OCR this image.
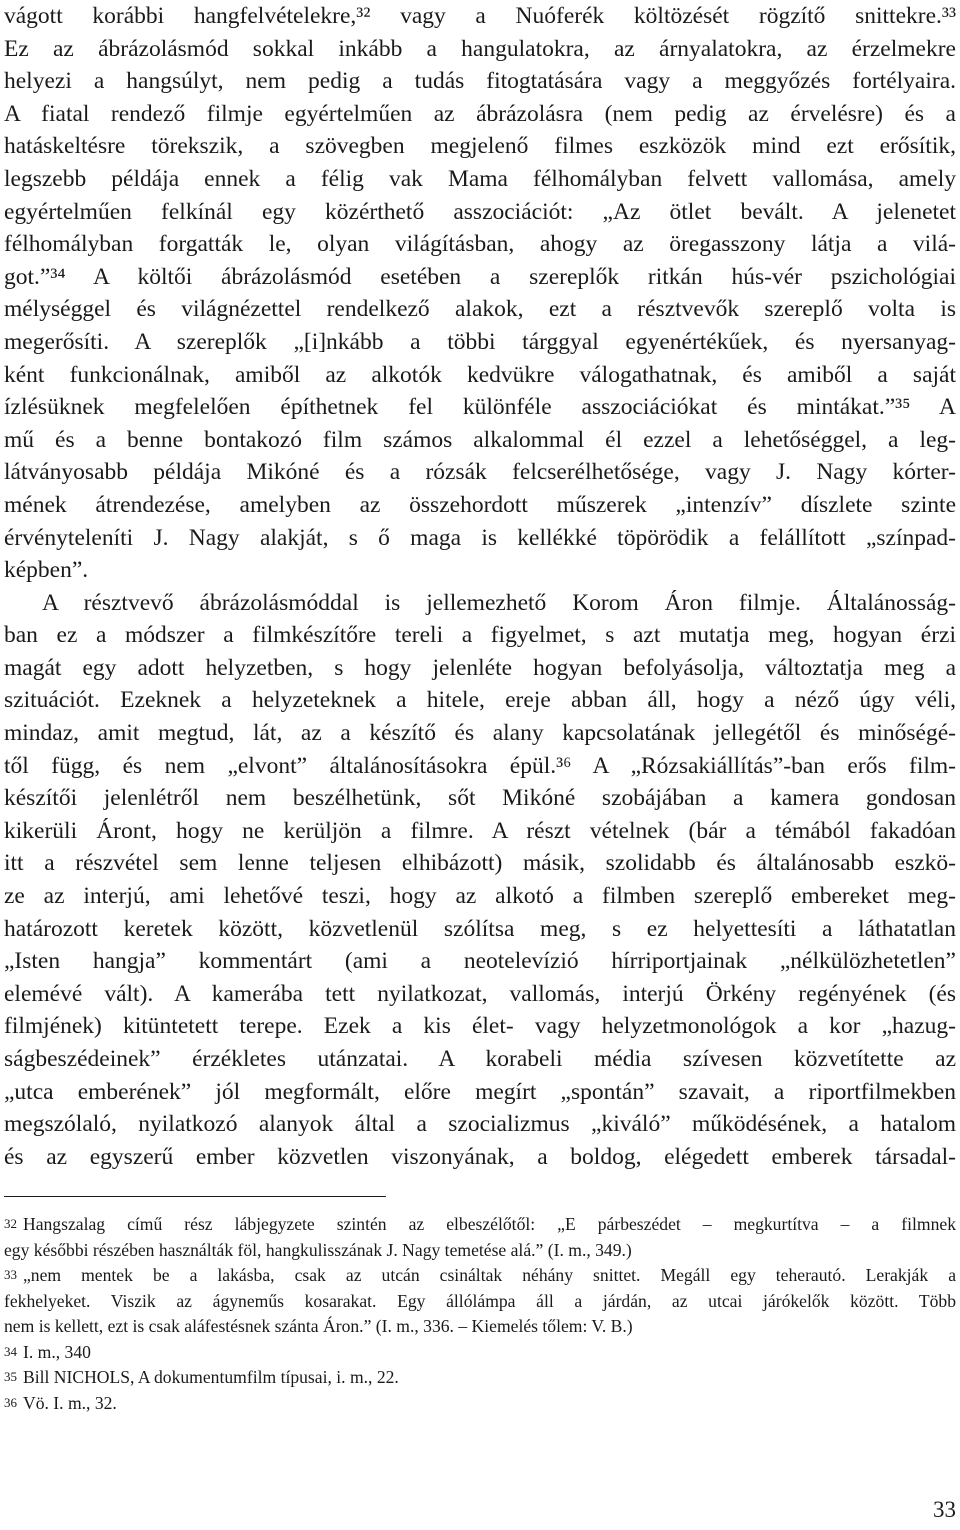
vágott korábbi hangfelvételekre,³² vagy a Nuóferék költözését rögzítő snittekre.³³
Ez az ábrázolásmód sokkal inkább a hangulatokra, az árnyalatokra, az érzelmekre
helyezi a hangsúlyt, nem pedig a tudás fitogtatására vagy a meggyőzés fortélyaira.
A fiatal rendező filmje egyértelműen az ábrázolásra (nem pedig az érvelésre) és a
hatáskeltésre törekszik, a szövegben megjelenő filmes eszközök mind ezt erősítik,
legszebb példája ennek a félig vak Mama félhomályban felvett vallomása, amely
egyértelműen felkínál egy közérthető asszociációt: „Az ötlet bevált. A jelenetet
félhomályban forgatták le, olyan világításban, ahogy az öregasszony látja a vilá-
got.”³⁴ A költői ábrázolásmód esetében a szereplők ritkán hús-vér pszichológiai
mélységgel és világnézettel rendelkező alakok, ezt a résztvevők szereplő volta is
megerősíti. A szereplők „[i]nkább a többi tárggyal egyenértékűek, és nyersanyag-
ként funkcionálnak, amiből az alkotók kedvükre válogathatnak, és amiből a saját
ízlésüknek megfelelően építhetnek fel különféle asszociációkat és mintákat.”³⁵ A
mű és a benne bontakozó film számos alkalommal él ezzel a lehetőséggel, a leg-
látványosabb példája Mikóné és a rózsák felcserélhetősége, vagy J. Nagy kórter-
mének átrendezése, amelyben az összehordott műszerek „intenzív” díszlete szinte
érvényteleníti J. Nagy alakját, s ő maga is kellékké töpörödik a felállított „színpad-
képben”.
A résztvevő ábrázolásmóddal is jellemezhető Korom Áron filmje. Általánosság-
ban ez a módszer a filmkészítőre tereli a figyelmet, s azt mutatja meg, hogyan érzi
magát egy adott helyzetben, s hogy jelenléte hogyan befolyásolja, változtatja meg a
szituációt. Ezeknek a helyzeteknek a hitele, ereje abban áll, hogy a néző úgy véli,
mindaz, amit megtud, lát, az a készítő és alany kapcsolatának jellegétől és minőségé-
től függ, és nem „elvont” általánosításokra épül.³⁶ A „Rózsakiállítás”-ban erős film-
készítői jelenlétről nem beszélhetünk, sőt Mikóné szobájában a kamera gondosan
kikerüli Áront, hogy ne kerüljön a filmre. A részt vételnek (bár a témából fakadóan
itt a részvétel sem lenne teljesen elhibázott) másik, szolidabb és általánosabb eszkö-
ze az interjú, ami lehetővé teszi, hogy az alkotó a filmben szereplő embereket meg-
határozott keretek között, közvetlenül szólítsa meg, s ez helyettesíti a láthatatlan
„Isten hangja” kommentárt (ami a neotelevízió hírriportjainak „nélkülözhetetlen”
elemévé vált). A kamerába tett nyilatkozat, vallomás, interjú Örkény regényének (és
filmjének) kitüntetett terepe. Ezek a kis élet- vagy helyzetmonológok a kor „hazug-
ságbeszédeinek” érzékletes utánzatai. A korabeli média szívesen közvetítette az
„utca emberének” jól megformált, előre megírt „spontán” szavait, a riportfilmekben
megszólaló, nyilatkozó alanyok által a szocializmus „kiváló” működésének, a hatalom
és az egyszerű ember közvetlen viszonyának, a boldog, elégedett emberek társadal-
$^{32}$ Hangszalag című rész lábjegyzete szintén az elbeszélőtől: „E párbeszédet – megkurtítva – a filmnek
egy későbbi részében használták föl, hangkulisszának J. Nagy temetése alá.” (I. m., 349.)
$^{33}$ „nem mentek be a lakásba, csak az utcán csináltak néhány snittet. Megáll egy teherautó. Lerakják a
fekhelyeket. Viszik az ágyneműs kosarakat. Egy állólámpa áll a járdán, az utcai járókelők között. Több
nem is kellett, ezt is csak aláfestésnek szánta Áron.” (I. m., 336. – Kiemelés tőlem: V. B.)
$^{34}$ I. m., 340
$^{35}$ Bill NICHOLS, A dokumentumfilm típusai, i. m., 22.
$^{36}$ Vö. I. m., 32.
33
